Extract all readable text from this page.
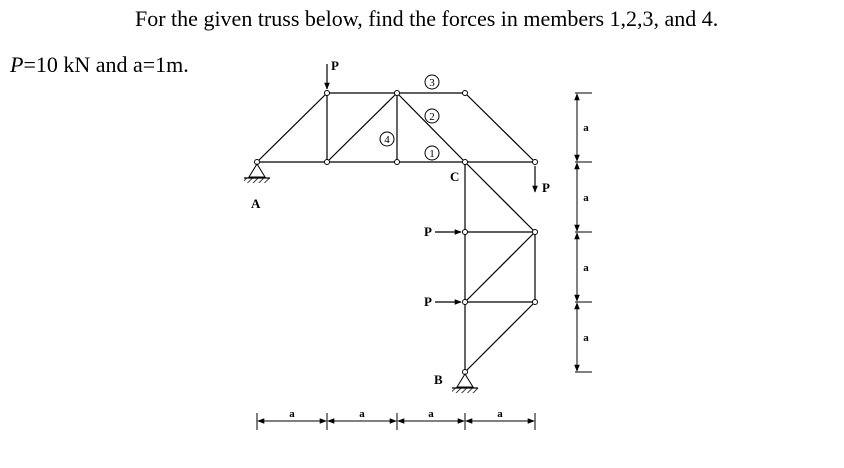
For the given truss below, find the forces in members 1,2,3, and 4.
P=10 kN and a=1m.
A
B
C
P
P
P
P
3
2
4
1
a	a	a	a
a
a
a
a
